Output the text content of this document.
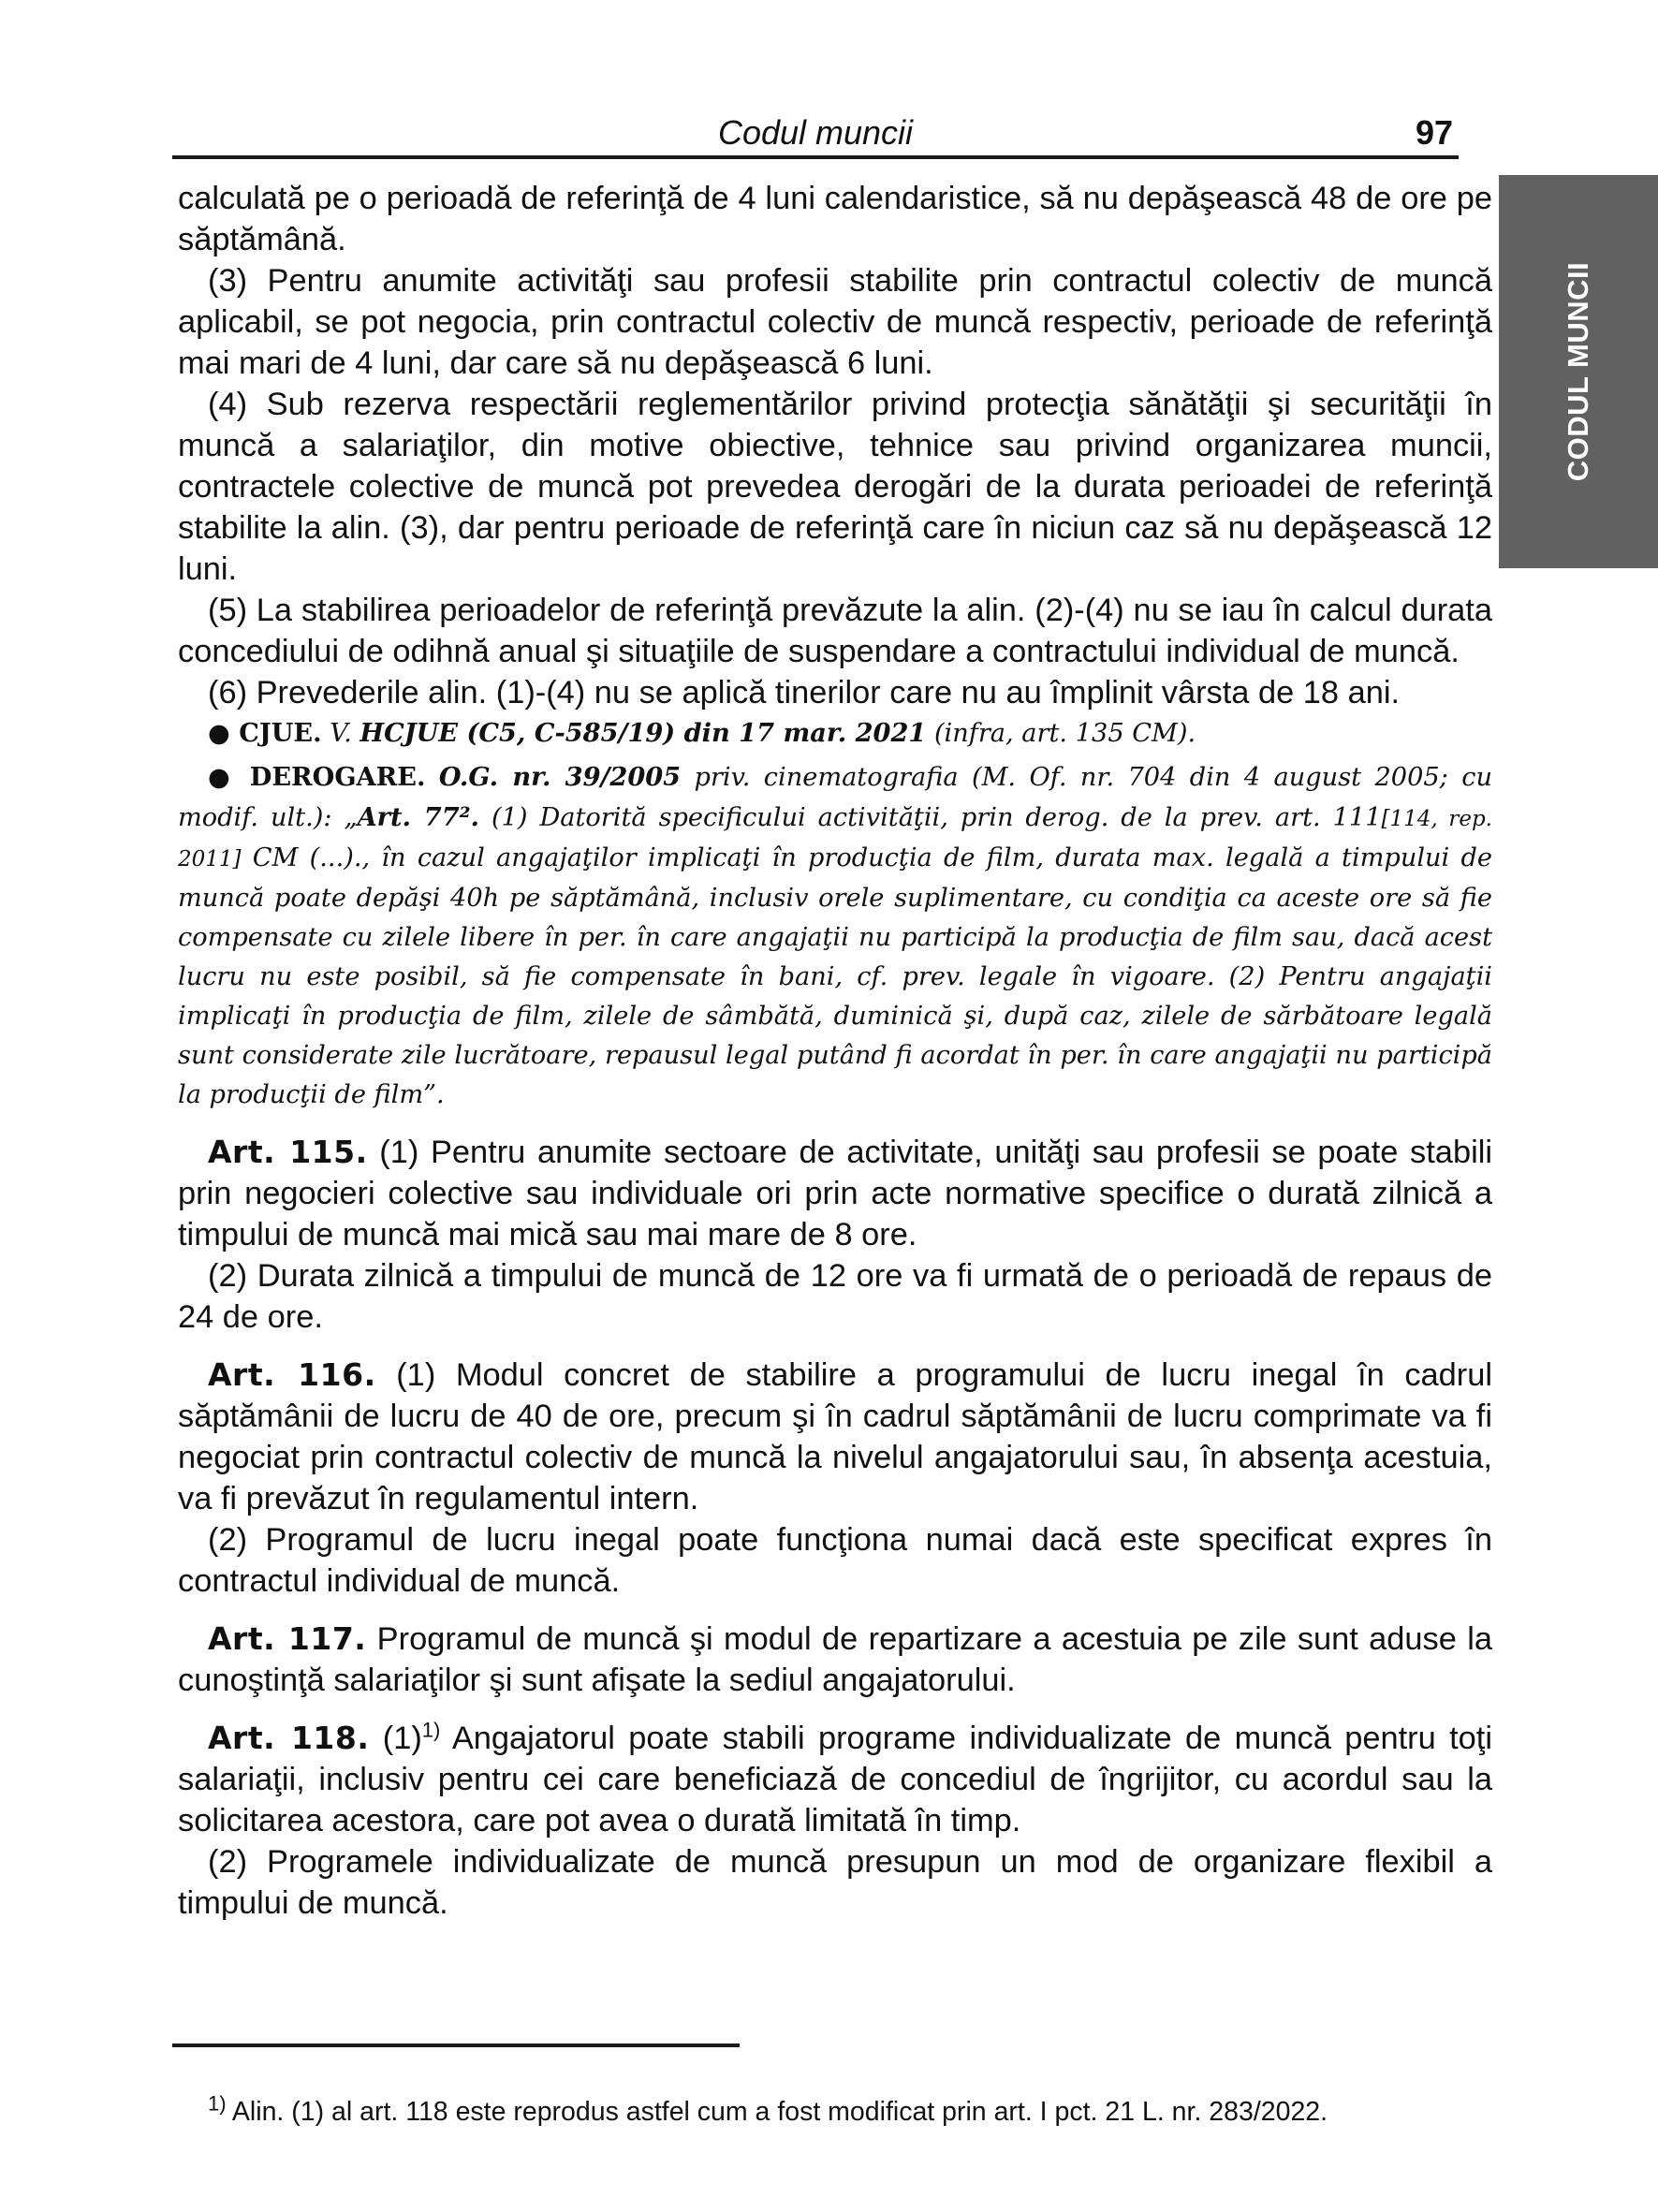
Codul muncii	97
CODUL MUNCII

calculată pe o perioadă de referinţă de 4 luni calendaristice, să nu depăşească 48 de ore pe săptămână.

(3) Pentru anumite activităţi sau profesii stabilite prin contractul colectiv de muncă aplicabil, se pot negocia, prin contractul colectiv de muncă respectiv, perioade de referinţă mai mari de 4 luni, dar care să nu depăşească 6 luni.

(4) Sub rezerva respectării reglementărilor privind protecţia sănătăţii şi securităţii în muncă a salariaţilor, din motive obiective, tehnice sau privind organizarea muncii, contractele colective de muncă pot prevedea derogări de la durata perioadei de referinţă stabilite la alin. (3), dar pentru perioade de referinţă care în niciun caz să nu depăşească 12 luni.

(5) La stabilirea perioadelor de referinţă prevăzute la alin. (2)-(4) nu se iau în calcul durata concediului de odihnă anual şi situaţiile de suspendare a contractului individual de muncă.

(6) Prevederile alin. (1)-(4) nu se aplică tinerilor care nu au împlinit vârsta de 18 ani.

● CJUE. V. HCJUE (C5, C-585/19) din 17 mar. 2021 (infra, art. 135 CM).

● DEROGARE. O.G. nr. 39/2005 priv. cinematografia (M. Of. nr. 704 din 4 august 2005; cu modif. ult.): „Art. 77². (1) Datorită specificului activităţii, prin derog. de la prev. art. 111[114, rep. 2011] CM (...)., în cazul angajaţilor implicaţi în producţia de film, durata max. legală a timpului de muncă poate depăşi 40h pe săptămână, inclusiv orele suplimentare, cu condiţia ca aceste ore să fie compensate cu zilele libere în per. în care angajaţii nu participă la producţia de film sau, dacă acest lucru nu este posibil, să fie compensate în bani, cf. prev. legale în vigoare. (2) Pentru angajaţii implicaţi în producţia de film, zilele de sâmbătă, duminică şi, după caz, zilele de sărbătoare legală sunt considerate zile lucrătoare, repausul legal putând fi acordat în per. în care angajaţii nu participă la producţii de film”.

Art. 115. (1) Pentru anumite sectoare de activitate, unităţi sau profesii se poate stabili prin negocieri colective sau individuale ori prin acte normative specifice o durată zilnică a timpului de muncă mai mică sau mai mare de 8 ore.

(2) Durata zilnică a timpului de muncă de 12 ore va fi urmată de o perioadă de repaus de 24 de ore.

Art. 116. (1) Modul concret de stabilire a programului de lucru inegal în cadrul săptămânii de lucru de 40 de ore, precum şi în cadrul săptămânii de lucru comprimate va fi negociat prin contractul colectiv de muncă la nivelul angajatorului sau, în absenţa acestuia, va fi prevăzut în regulamentul intern.

(2) Programul de lucru inegal poate funcţiona numai dacă este specificat expres în contractul individual de muncă.

Art. 117. Programul de muncă şi modul de repartizare a acestuia pe zile sunt aduse la cunoştinţă salariaţilor şi sunt afişate la sediul angajatorului.

Art. 118. $(1)^{1)}$ Angajatorul poate stabili programe individualizate de muncă pentru toţi salariaţii, inclusiv pentru cei care beneficiază de concediul de îngrijitor, cu acordul sau la solicitarea acestora, care pot avea o durată limitată în timp.

(2) Programele individualizate de muncă presupun un mod de organizare flexibil a timpului de muncă.

$^{1)}$ Alin. (1) al art. 118 este reprodus astfel cum a fost modificat prin art. I pct. 21 L. nr. 283/2022.
